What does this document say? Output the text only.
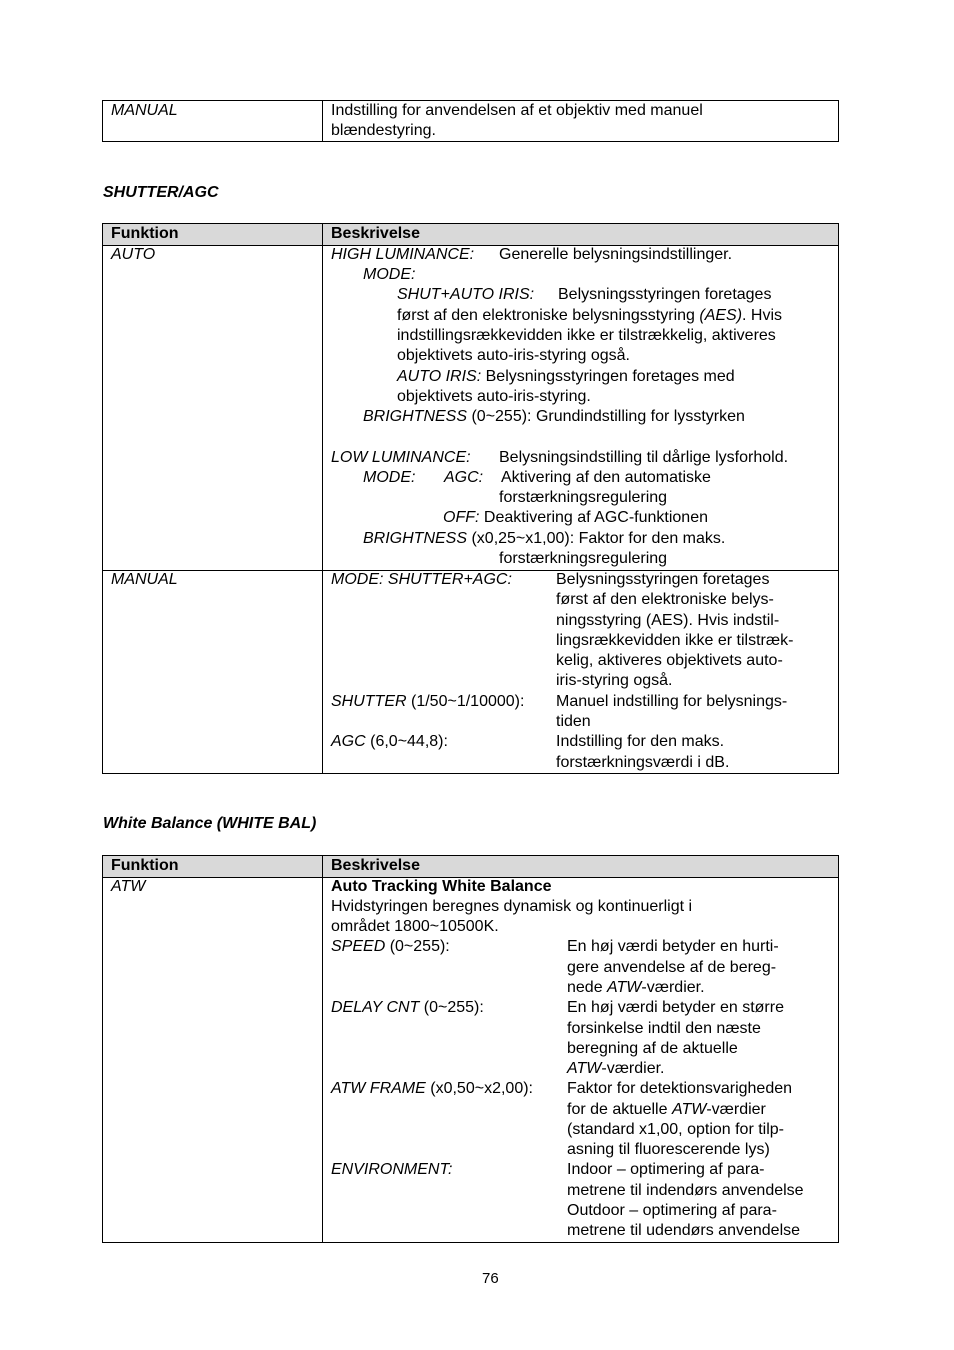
MANUAL	Indstilling for anvendelsen af et objektiv med manuel
blændestyring.
SHUTTER/AGC
Funktion	Beskrivelse
AUTO	HIGH LUMINANCE: Generelle belysningsindstillinger.
MODE:
SHUT+AUTO IRIS: Belysningsstyringen foretages
først af den elektroniske belysningsstyring (AES). Hvis
indstillingsrækkevidden ikke er tilstrækkelig, aktiveres
objektivets auto-iris-styring også.
AUTO IRIS: Belysningsstyringen foretages med
objektivets auto-iris-styring.
BRIGHTNESS (0~255): Grundindstilling for lysstyrken
LOW LUMINANCE: Belysningsindstilling til dårlige lysforhold.
MODE: AGC: Aktivering af den automatiske
forstærkningsregulering
OFF: Deaktivering af AGC-funktionen
BRIGHTNESS (x0,25~x1,00): Faktor for den maks.
forstærkningsregulering
MANUAL	MODE: SHUTTER+AGC:	Belysningsstyringen foretages
først af den elektroniske belys-
ningsstyring (AES). Hvis indstil-
lingsrækkevidden ikke er tilstræk-
kelig, aktiveres objektivets auto-
iris-styring også.
SHUTTER (1/50~1/10000): Manuel indstilling for belysnings-
tiden
AGC (6,0~44,8):	Indstilling for den maks.
forstærkningsværdi i dB.
White Balance (WHITE BAL)
Funktion	Beskrivelse
ATW	Auto Tracking White Balance
Hvidstyringen beregnes dynamisk og kontinuerligt i
området 1800~10500K.
SPEED (0~255):	En høj værdi betyder en hurti-
gere anvendelse af de bereg-
nede ATW-værdier.
DELAY CNT (0~255):	En høj værdi betyder en større
forsinkelse indtil den næste
beregning af de aktuelle
ATW-værdier.
ATW FRAME (x0,50~x2,00): Faktor for detektionsvarigheden
for de aktuelle ATW-værdier
(standard x1,00, option for tilp-
asning til fluorescerende lys)
ENVIRONMENT:	Indoor – optimering af para-
metrene til indendørs anvendelse
Outdoor – optimering af para-
metrene til udendørs anvendelse
76
